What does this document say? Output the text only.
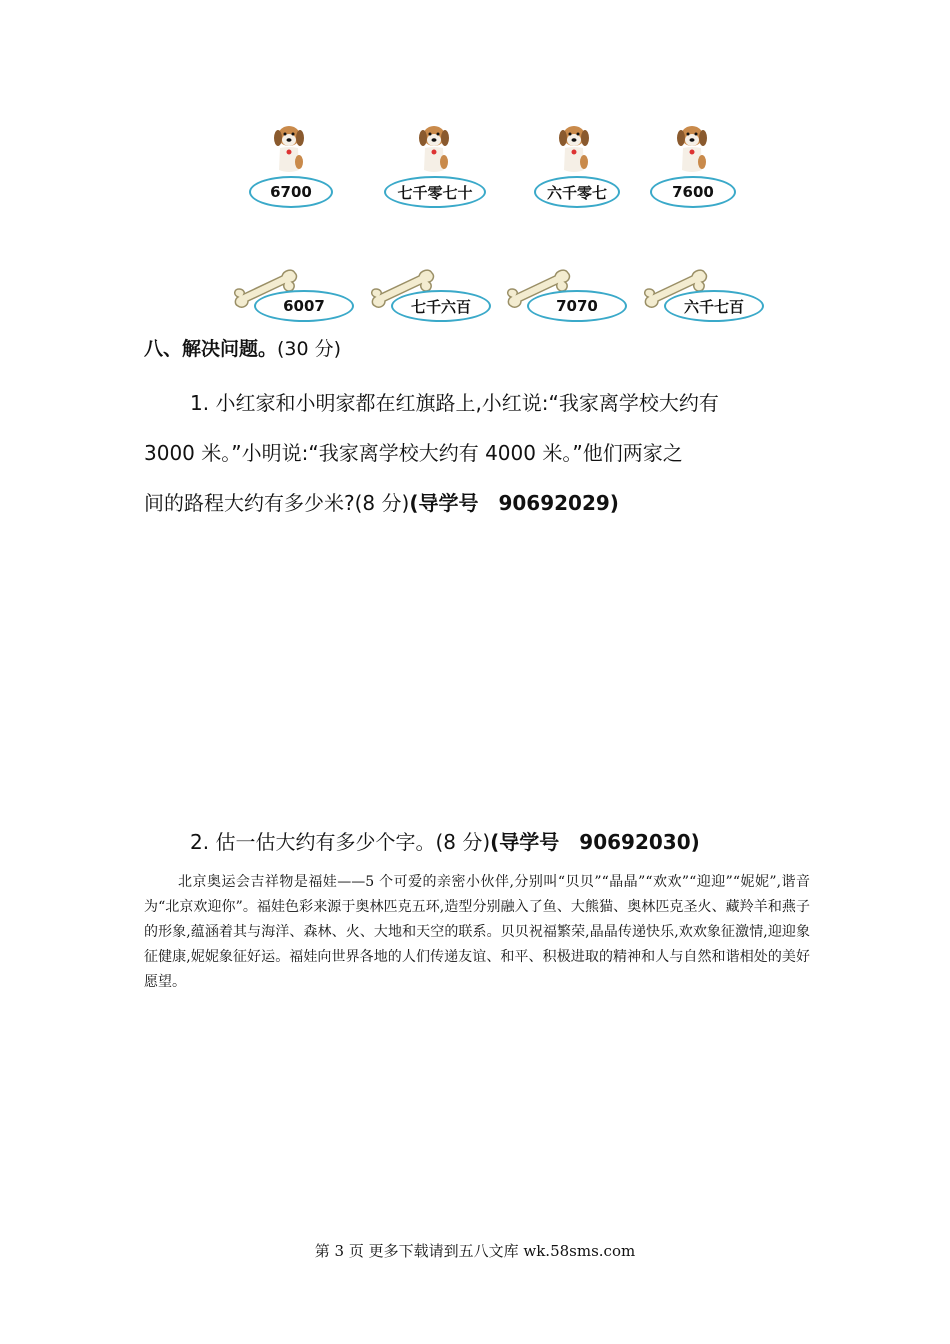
6700	七千零七十	六千零七	7600
6007	七千六百	7070	六千七百
八、解决问题。(30 分)
1. 小红家和小明家都在红旗路上,小红说:“我家离学校大约有
3000 米。”小明说:“我家离学校大约有 4000 米。”他们两家之
间的路程大约有多少米?(8 分)(导学号　90692029)
2. 估一估大约有多少个字。(8 分)(导学号　90692030)
北京奥运会吉祥物是福娃——5 个可爱的亲密小伙伴,分别叫“贝贝”“晶晶”“欢欢”“迎迎”“妮妮”,谐音为“北京欢迎你”。福娃色彩来源于奥林匹克五环,造型分别融入了鱼、大熊猫、奥林匹克圣火、藏羚羊和燕子的形象,蕴涵着其与海洋、森林、火、大地和天空的联系。贝贝祝福繁荣,晶晶传递快乐,欢欢象征激情,迎迎象征健康,妮妮象征好运。福娃向世界各地的人们传递友谊、和平、积极进取的精神和人与自然和谐相处的美好愿望。
第 3 页 更多下载请到五八文库 wk.58sms.com
